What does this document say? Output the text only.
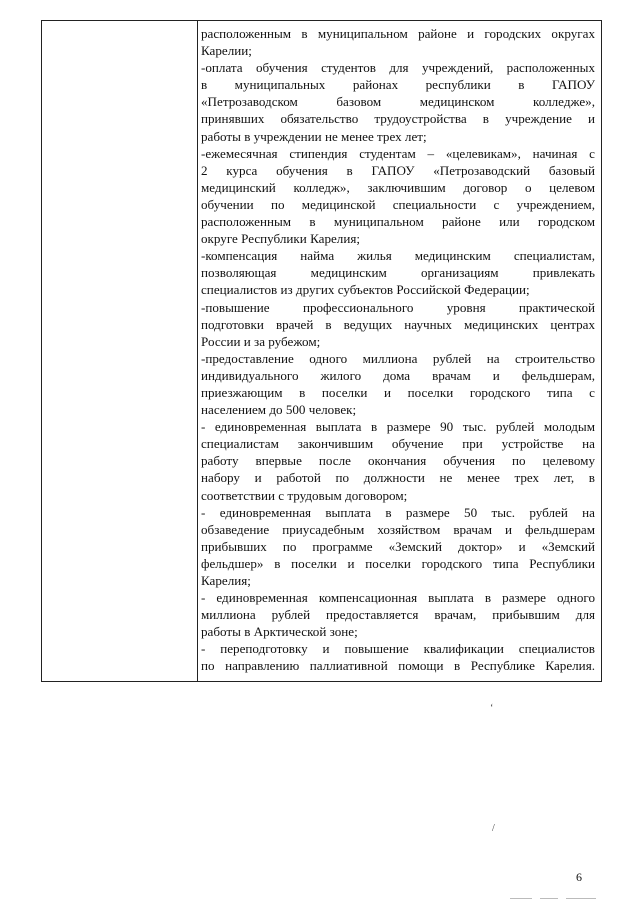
расположенным в муниципальном районе и городских округах
Карелии;
-оплата обучения студентов для учреждений, расположенных
в муниципальных районах республики в ГАПОУ
«Петрозаводском базовом медицинском колледже»,
принявших обязательство трудоустройства в учреждение и
работы в учреждении не менее трех лет;
-ежемесячная стипендия студентам – «целевикам», начиная с
2 курса обучения в ГАПОУ «Петрозаводский базовый
медицинский колледж», заключившим договор о целевом
обучении по медицинской специальности с учреждением,
расположенным в муниципальном районе или городском
округе Республики Карелия;
-компенсация найма жилья медицинским специалистам,
позволяющая медицинским организациям привлекать
специалистов из других субъектов Российской Федерации;
-повышение профессионального уровня практической
подготовки врачей в ведущих научных медицинских центрах
России и за рубежом;
-предоставление одного миллиона рублей на строительство
индивидуального жилого дома врачам и фельдшерам,
приезжающим в поселки и поселки городского типа с
населением до 500 человек;
- единовременная выплата в размере 90 тыс. рублей молодым
специалистам закончившим обучение при устройстве на
работу впервые после окончания обучения по целевому
набору и работой по должности не менее трех лет, в
соответствии с трудовым договором;
- единовременная выплата в размере 50 тыс. рублей на
обзаведение приусадебным хозяйством врачам и фельдшерам
прибывших по программе «Земский доктор» и «Земский
фельдшер» в поселки и поселки городского типа Республики
Карелия;
- единовременная компенсационная выплата в размере одного
миллиона рублей предоставляется врачам, прибывшим для
работы в Арктической зоне;
- переподготовку и повышение квалификации специалистов
по направлению паллиативной помощи в Республике Карелия.
‘
/
6
